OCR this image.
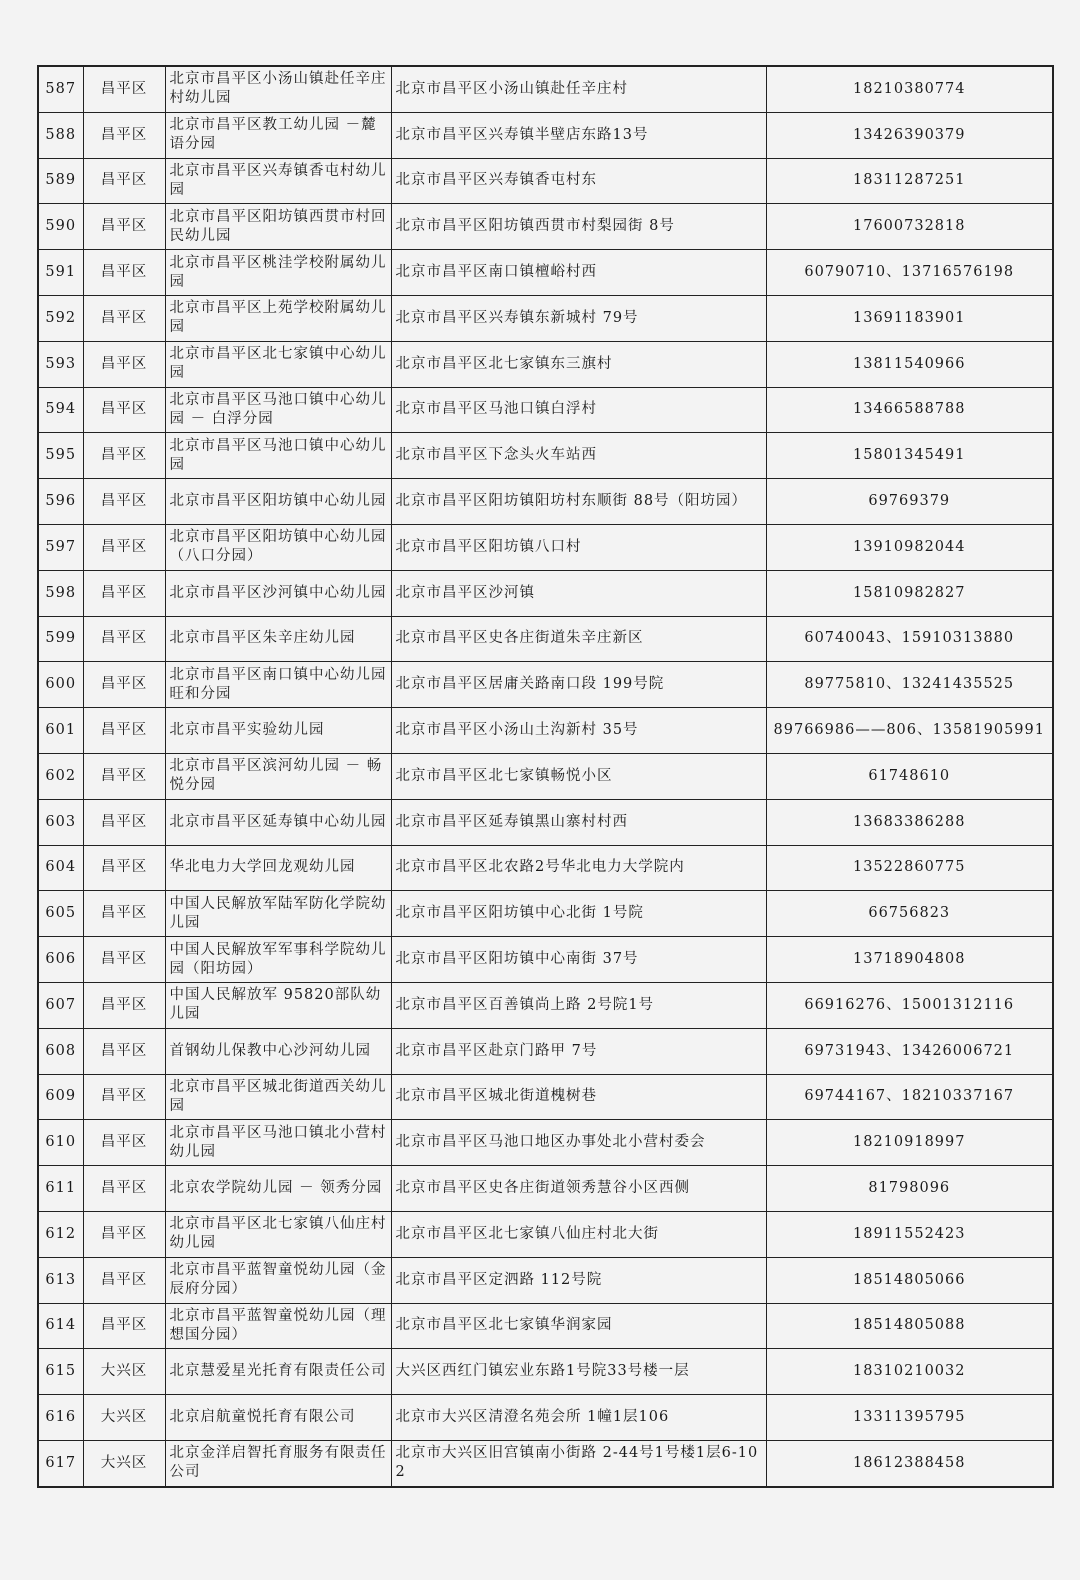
587	昌平区	北京市昌平区小汤山镇赴任辛庄村幼儿园	北京市昌平区小汤山镇赴任辛庄村	18210380774
588	昌平区	北京市昌平区教工幼儿园 －麓语分园	北京市昌平区兴寿镇半壁店东路13号	13426390379
589	昌平区	北京市昌平区兴寿镇香屯村幼儿园	北京市昌平区兴寿镇香屯村东	18311287251
590	昌平区	北京市昌平区阳坊镇西贯市村回民幼儿园	北京市昌平区阳坊镇西贯市村梨园街 8号	17600732818
591	昌平区	北京市昌平区桃洼学校附属幼儿园	北京市昌平区南口镇檀峪村西	60790710、13716576198
592	昌平区	北京市昌平区上苑学校附属幼儿园	北京市昌平区兴寿镇东新城村 79号	13691183901
593	昌平区	北京市昌平区北七家镇中心幼儿园	北京市昌平区北七家镇东三旗村	13811540966
594	昌平区	北京市昌平区马池口镇中心幼儿园 － 白浮分园	北京市昌平区马池口镇白浮村	13466588788
595	昌平区	北京市昌平区马池口镇中心幼儿园	北京市昌平区下念头火车站西	15801345491
596	昌平区	北京市昌平区阳坊镇中心幼儿园	北京市昌平区阳坊镇阳坊村东顺街 88号（阳坊园）	69769379
597	昌平区	北京市昌平区阳坊镇中心幼儿园（八口分园）	北京市昌平区阳坊镇八口村	13910982044
598	昌平区	北京市昌平区沙河镇中心幼儿园	北京市昌平区沙河镇	15810982827
599	昌平区	北京市昌平区朱辛庄幼儿园	北京市昌平区史各庄街道朱辛庄新区	60740043、15910313880
600	昌平区	北京市昌平区南口镇中心幼儿园旺和分园	北京市昌平区居庸关路南口段 199号院	89775810、13241435525
601	昌平区	北京市昌平实验幼儿园	北京市昌平区小汤山土沟新村 35号	89766986——806、13581905991
602	昌平区	北京市昌平区滨河幼儿园 － 畅悦分园	北京市昌平区北七家镇畅悦小区	61748610
603	昌平区	北京市昌平区延寿镇中心幼儿园	北京市昌平区延寿镇黑山寨村村西	13683386288
604	昌平区	华北电力大学回龙观幼儿园	北京市昌平区北农路2号华北电力大学院内	13522860775
605	昌平区	中国人民解放军陆军防化学院幼儿园	北京市昌平区阳坊镇中心北街 1号院	66756823
606	昌平区	中国人民解放军军事科学院幼儿园（阳坊园）	北京市昌平区阳坊镇中心南街 37号	13718904808
607	昌平区	中国人民解放军 95820部队幼儿园	北京市昌平区百善镇尚上路 2号院1号	66916276、15001312116
608	昌平区	首钢幼儿保教中心沙河幼儿园	北京市昌平区赴京门路甲 7号	69731943、13426006721
609	昌平区	北京市昌平区城北街道西关幼儿园	北京市昌平区城北街道槐树巷	69744167、18210337167
610	昌平区	北京市昌平区马池口镇北小营村幼儿园	北京市昌平区马池口地区办事处北小营村委会	18210918997
611	昌平区	北京农学院幼儿园 － 领秀分园	北京市昌平区史各庄街道领秀慧谷小区西侧	81798096
612	昌平区	北京市昌平区北七家镇八仙庄村幼儿园	北京市昌平区北七家镇八仙庄村北大街	18911552423
613	昌平区	北京市昌平蓝智童悦幼儿园（金辰府分园）	北京市昌平区定泗路 112号院	18514805066
614	昌平区	北京市昌平蓝智童悦幼儿园（理想国分园）	北京市昌平区北七家镇华润家园	18514805088
615	大兴区	北京慧爱星光托育有限责任公司	大兴区西红门镇宏业东路1号院33号楼一层	18310210032
616	大兴区	北京启航童悦托育有限公司	北京市大兴区清澄名苑会所 1幢1层106	13311395795
617	大兴区	北京金洋启智托育服务有限责任公司	北京市大兴区旧宫镇南小街路 2-44号1号楼1层6-102	18612388458
